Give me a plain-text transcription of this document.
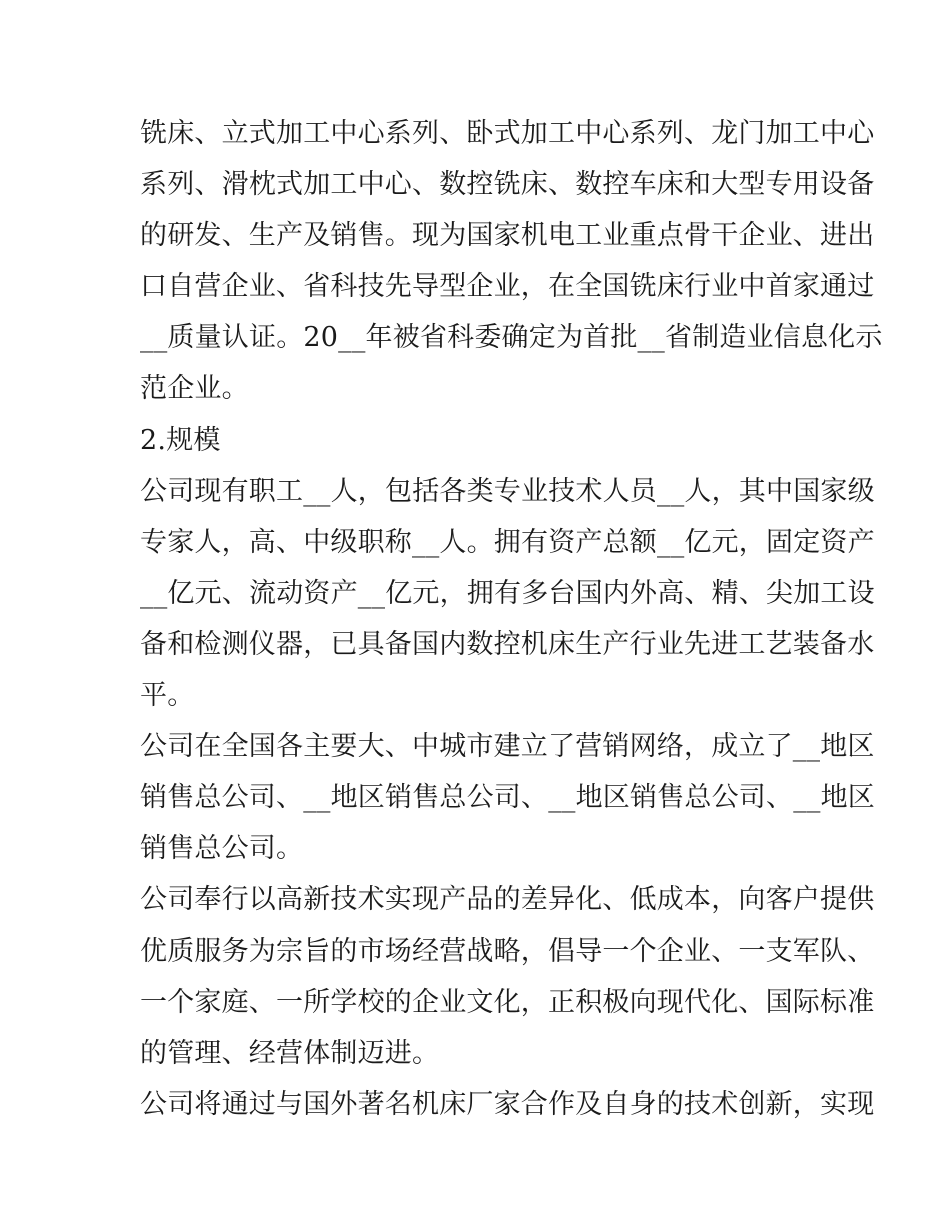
铣床、立式加工中心系列、卧式加工中心系列、龙门加工中心
系列、滑枕式加工中心、数控铣床、数控车床和大型专用设备
的研发、生产及销售。现为国家机电工业重点骨干企业、进出
口自营企业、省科技先导型企业，在全国铣床行业中首家通过
__质量认证。20__年被省科委确定为首批__省制造业信息化示
范企业。
2.规模
公司现有职工__人，包括各类专业技术人员__人，其中国家级
专家人，高、中级职称__人。拥有资产总额__亿元，固定资产
__亿元、流动资产__亿元，拥有多台国内外高、精、尖加工设
备和检测仪器，已具备国内数控机床生产行业先进工艺装备水
平。
公司在全国各主要大、中城市建立了营销网络，成立了__地区
销售总公司、__地区销售总公司、__地区销售总公司、__地区
销售总公司。
公司奉行以高新技术实现产品的差异化、低成本，向客户提供
优质服务为宗旨的市场经营战略，倡导一个企业、一支军队、
一个家庭、一所学校的企业文化，正积极向现代化、国际标准
的管理、经营体制迈进。
公司将通过与国外著名机床厂家合作及自身的技术创新，实现
